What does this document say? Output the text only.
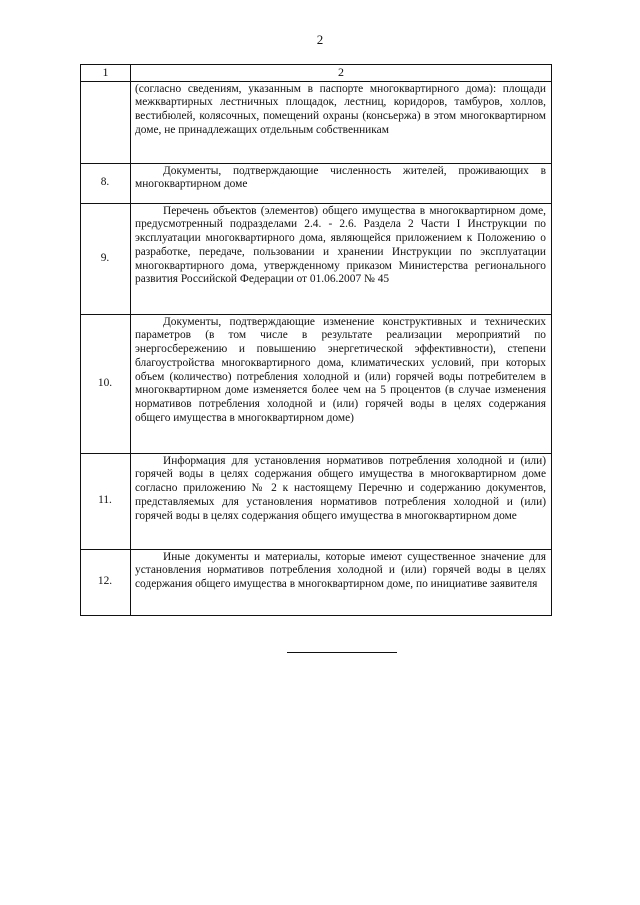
2
1	2
	(согласно сведениям, указанным в паспорте многоквартирного дома): площади межквартирных лестничных площадок, лестниц, коридоров, тамбуров, холлов, вестибюлей, колясочных, помещений охраны (консьержа) в этом многоквартирном доме, не принадлежащих отдельным собственникам
8.	Документы, подтверждающие численность жителей, проживающих в многоквартирном доме

9.	Перечень объектов (элементов) общего имущества в многоквартирном доме, предусмотренный подразделами 2.4. - 2.6. Раздела 2 Части I Инструкции по эксплуатации многоквартирного дома, являющейся приложением к Положению о разработке, передаче, пользовании и хранении Инструкции по эксплуатации многоквартирного дома, утвержденному приказом Министерства регионального развития Российской Федерации от 01.06.2007 № 45

10.	Документы, подтверждающие изменение конструктивных и технических параметров (в том числе в результате реализации мероприятий по энергосбережению и повышению энергетической эффективности), степени благоустройства многоквартирного дома, климатических условий, при которых объем (количество) потребления холодной и (или) горячей воды потребителем в многоквартирном доме изменяется более чем на 5 процентов (в случае изменения нормативов потребления холодной и (или) горячей воды в целях содержания общего имущества в многоквартирном доме)

11.	Информация для установления нормативов потребления холодной и (или) горячей воды в целях содержания общего имущества в многоквартирном доме согласно приложению № 2 к настоящему Перечню и содержанию документов, представляемых для установления нормативов потребления холодной и (или) горячей воды в целях содержания общего имущества в многоквартирном доме

12.	Иные документы и материалы, которые имеют существенное значение для установления нормативов потребления холодной и (или) горячей воды в целях содержания общего имущества в многоквартирном доме, по инициативе заявителя
